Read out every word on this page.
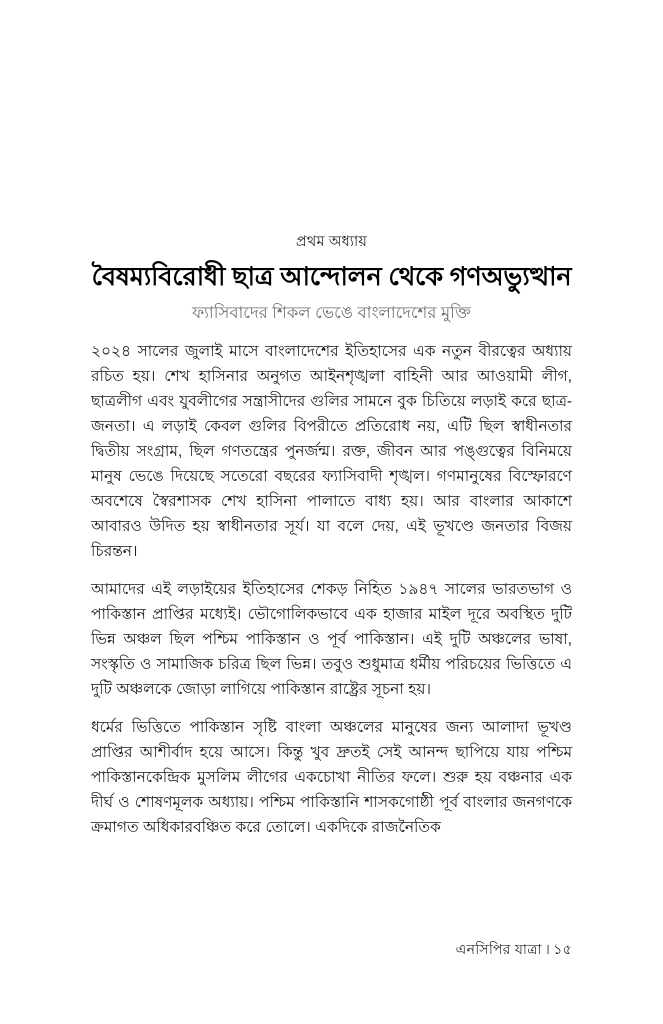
প্রথম অধ্যায়
বৈষম্যবিরোধী ছাত্র আন্দোলন থেকে গণঅভ্যুত্থান
ফ্যাসিবাদের শিকল ভেঙে বাংলাদেশের মুক্তি

২০২৪ সালের জুলাই মাসে বাংলাদেশের ইতিহাসের এক নতুন বীরত্বের অধ্যায় রচিত হয়। শেখ হাসিনার অনুগত আইনশৃঙ্খলা বাহিনী আর আওয়ামী লীগ, ছাত্রলীগ এবং যুবলীগের সন্ত্রাসীদের গুলির সামনে বুক চিতিয়ে লড়াই করে ছাত্র-জনতা। এ লড়াই কেবল গুলির বিপরীতে প্রতিরোধ নয়, এটি ছিল স্বাধীনতার দ্বিতীয় সংগ্রাম, ছিল গণতন্ত্রের পুনর্জন্ম। রক্ত, জীবন আর পঙ্গুত্বের বিনিময়ে মানুষ ভেঙে দিয়েছে সতেরো বছরের ফ্যাসিবাদী শৃঙ্খল। গণমানুষের বিস্ফোরণে অবশেষে স্বৈরশাসক শেখ হাসিনা পালাতে বাধ্য হয়। আর বাংলার আকাশে আবারও উদিত হয় স্বাধীনতার সূর্য। যা বলে দেয়, এই ভূখণ্ডে জনতার বিজয় চিরন্তন।

আমাদের এই লড়াইয়ের ইতিহাসের শেকড় নিহিত ১৯৪৭ সালের ভারতভাগ ও পাকিস্তান প্রাপ্তির মধ্যেই। ভৌগোলিকভাবে এক হাজার মাইল দূরে অবস্থিত দুটি ভিন্ন অঞ্চল ছিল পশ্চিম পাকিস্তান ও পূর্ব পাকিস্তান। এই দুটি অঞ্চলের ভাষা, সংস্কৃতি ও সামাজিক চরিত্র ছিল ভিন্ন। তবুও শুধুমাত্র ধর্মীয় পরিচয়ের ভিত্তিতে এ দুটি অঞ্চলকে জোড়া লাগিয়ে পাকিস্তান রাষ্ট্রের সূচনা হয়।

ধর্মের ভিত্তিতে পাকিস্তান সৃষ্টি বাংলা অঞ্চলের মানুষের জন্য আলাদা ভূখণ্ড প্রাপ্তির আশীর্বাদ হয়ে আসে। কিন্তু খুব দ্রুতই সেই আনন্দ ছাপিয়ে যায় পশ্চিম পাকিস্তানকেন্দ্রিক মুসলিম লীগের একচোখা নীতির ফলে। শুরু হয় বঞ্চনার এক দীর্ঘ ও শোষণমূলক অধ্যায়। পশ্চিম পাকিস্তানি শাসকগোষ্ঠী পূর্ব বাংলার জনগণকে ক্রমাগত অধিকারবঞ্চিত করে তোলে। একদিকে রাজনৈতিক

এনসিপির যাত্রা । ১৫
